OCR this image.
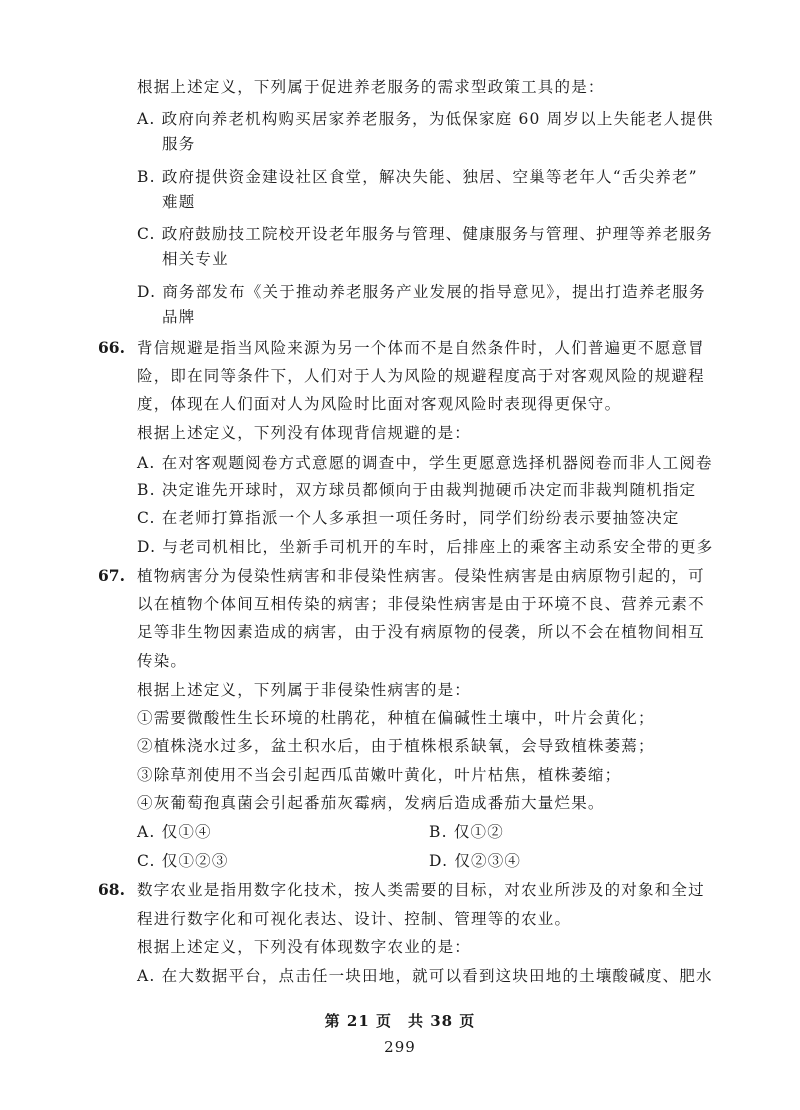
根据上述定义，下列属于促进养老服务的需求型政策工具的是：
A. 政府向养老机构购买居家养老服务，为低保家庭 60 周岁以上失能老人提供
服务
B. 政府提供资金建设社区食堂，解决失能、独居、空巢等老年人“舌尖养老”
难题
C. 政府鼓励技工院校开设老年服务与管理、健康服务与管理、护理等养老服务
相关专业
D. 商务部发布《关于推动养老服务产业发展的指导意见》，提出打造养老服务
品牌
66. 背信规避是指当风险来源为另一个体而不是自然条件时，人们普遍更不愿意冒
险，即在同等条件下，人们对于人为风险的规避程度高于对客观风险的规避程
度，体现在人们面对人为风险时比面对客观风险时表现得更保守。
根据上述定义，下列没有体现背信规避的是：
A. 在对客观题阅卷方式意愿的调查中，学生更愿意选择机器阅卷而非人工阅卷
B. 决定谁先开球时，双方球员都倾向于由裁判抛硬币决定而非裁判随机指定
C. 在老师打算指派一个人多承担一项任务时，同学们纷纷表示要抽签决定
D. 与老司机相比，坐新手司机开的车时，后排座上的乘客主动系安全带的更多
67. 植物病害分为侵染性病害和非侵染性病害。侵染性病害是由病原物引起的，可
以在植物个体间互相传染的病害；非侵染性病害是由于环境不良、营养元素不
足等非生物因素造成的病害，由于没有病原物的侵袭，所以不会在植物间相互
传染。
根据上述定义，下列属于非侵染性病害的是：
①需要微酸性生长环境的杜鹃花，种植在偏碱性土壤中，叶片会黄化；
②植株浇水过多，盆土积水后，由于植株根系缺氧，会导致植株萎蔫；
③除草剂使用不当会引起西瓜苗嫩叶黄化，叶片枯焦，植株萎缩；
④灰葡萄孢真菌会引起番茄灰霉病，发病后造成番茄大量烂果。
A. 仅①④	B. 仅①②
C. 仅①②③	D. 仅②③④
68. 数字农业是指用数字化技术，按人类需要的目标，对农业所涉及的对象和全过
程进行数字化和可视化表达、设计、控制、管理等的农业。
根据上述定义，下列没有体现数字农业的是：
A. 在大数据平台，点击任一块田地，就可以看到这块田地的土壤酸碱度、肥水
第 21 页　共 38 页
299
